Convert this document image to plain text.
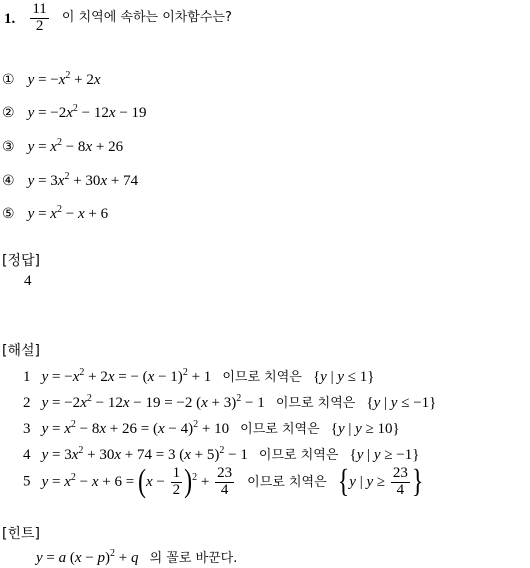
1. $\frac{11}{2}$ 이 치역에 속하는 이차함수는?
① $y = -x^2 + 2x$
② $y = -2x^2 - 12x - 19$
③ $y = x^2 - 8x + 26$
④ $y = 3x^2 + 30x + 74$
⑤ $y = x^2 - x + 6$
[정답]
4
[해설]
1 $y = -x^2 + 2x$ = − $(x - 1)^2 + 1$ 이므로 치역은 {y | y ≤ 1}
2 $y = -2x^2 - 12x - 19 = -2$ $(x + 3)^2 - 1$ 이므로 치역은 {y | y ≤ −1}
3 $y = x^2 - 8x + 26 = (x - 4)^2 + 10$ 이므로 치역은 {y | y ≥ 10}
4 $y = 3x^2 + 30x + 74 = 3$ $(x + 5)^2 - 1$ 이므로 치역은 {y | y ≥ −1}
5 $y = x^2 - x + 6 = (x - \frac{1}{2} )^2 + \frac{23}{4}$ 이므로 치역은 {y | $y \ge \frac{23}{4}$ }
[힌트]
y = a $(x - p)^2 + q$ 의 꼴로 바꾼다.
